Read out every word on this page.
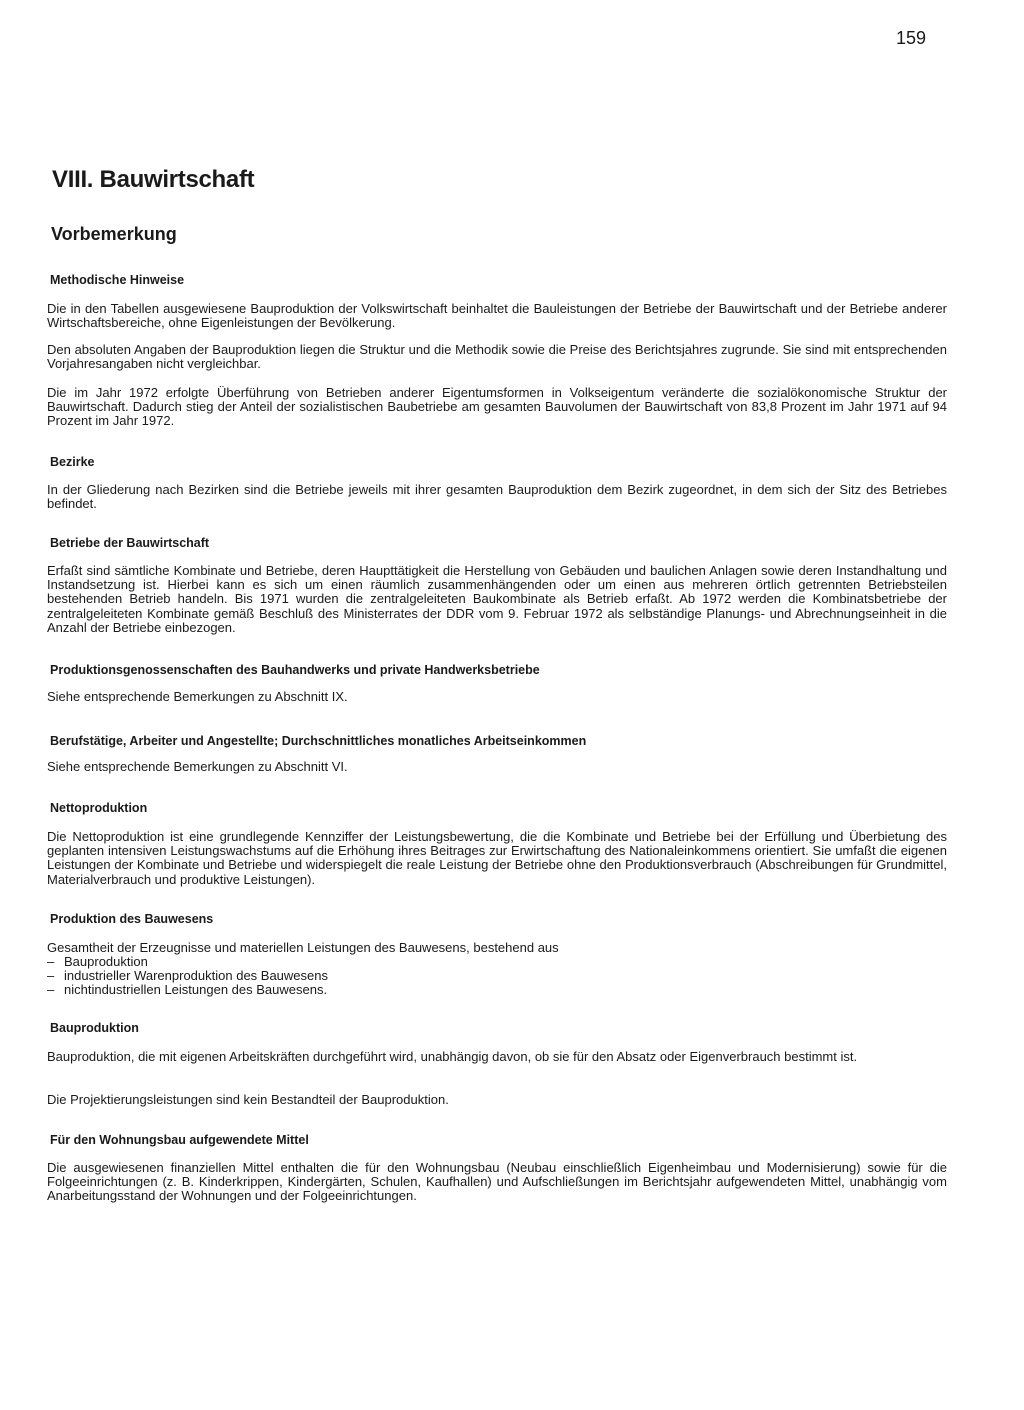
159
VIII. Bauwirtschaft
Vorbemerkung
Methodische Hinweise

Die in den Tabellen ausgewiesene Bauproduktion der Volkswirtschaft beinhaltet die Bauleistungen der Betriebe der Bauwirtschaft und der Betriebe anderer Wirtschaftsbereiche, ohne Eigenleistungen der Bevölkerung.

Den absoluten Angaben der Bauproduktion liegen die Struktur und die Methodik sowie die Preise des Berichtsjahres zugrunde. Sie sind mit entsprechenden Vorjahresangaben nicht vergleichbar.

Die im Jahr 1972 erfolgte Überführung von Betrieben anderer Eigentumsformen in Volkseigentum veränderte die sozialökonomische Struktur der Bauwirtschaft. Dadurch stieg der Anteil der sozialistischen Baubetriebe am gesamten Bauvolumen der Bauwirtschaft von 83,8 Prozent im Jahr 1971 auf 94 Prozent im Jahr 1972.

Bezirke

In der Gliederung nach Bezirken sind die Betriebe jeweils mit ihrer gesamten Bauproduktion dem Bezirk zugeordnet, in dem sich der Sitz des Betriebes befindet.

Betriebe der Bauwirtschaft

Erfaßt sind sämtliche Kombinate und Betriebe, deren Haupttätigkeit die Herstellung von Gebäuden und baulichen Anlagen sowie deren Instandhaltung und Instandsetzung ist. Hierbei kann es sich um einen räumlich zusammenhängenden oder um einen aus mehreren örtlich getrennten Betriebsteilen bestehenden Betrieb handeln. Bis 1971 wurden die zentralgeleiteten Baukombinate als Betrieb erfaßt. Ab 1972 werden die Kombinatsbetriebe der zentralgeleiteten Kombinate gemäß Beschluß des Ministerrates der DDR vom 9. Februar 1972 als selbständige Planungs- und Abrechnungseinheit in die Anzahl der Betriebe einbezogen.

Produktionsgenossenschaften des Bauhandwerks und private Handwerksbetriebe

Siehe entsprechende Bemerkungen zu Abschnitt IX.

Berufstätige, Arbeiter und Angestellte; Durchschnittliches monatliches Arbeitseinkommen

Siehe entsprechende Bemerkungen zu Abschnitt VI.

Nettoproduktion

Die Nettoproduktion ist eine grundlegende Kennziffer der Leistungsbewertung, die die Kombinate und Betriebe bei der Erfüllung und Überbietung des geplanten intensiven Leistungswachstums auf die Erhöhung ihres Beitrages zur Erwirtschaftung des Nationaleinkommens orientiert. Sie umfaßt die eigenen Leistungen der Kombinate und Betriebe und widerspiegelt die reale Leistung der Betriebe ohne den Produktionsverbrauch (Abschreibungen für Grundmittel, Materialverbrauch und produktive Leistungen).

Produktion des Bauwesens

Gesamtheit der Erzeugnisse und materiellen Leistungen des Bauwesens, bestehend aus

– Bauproduktion
– industrieller Warenproduktion des Bauwesens
– nichtindustriellen Leistungen des Bauwesens.
Bauproduktion

Bauproduktion, die mit eigenen Arbeitskräften durchgeführt wird, unabhängig davon, ob sie für den Absatz oder Eigenverbrauch bestimmt ist.

Die Projektierungsleistungen sind kein Bestandteil der Bauproduktion.

Für den Wohnungsbau aufgewendete Mittel

Die ausgewiesenen finanziellen Mittel enthalten die für den Wohnungsbau (Neubau einschließlich Eigenheimbau und Modernisierung) sowie für die Folgeeinrichtungen (z. B. Kinderkrippen, Kindergärten, Schulen, Kaufhallen) und Aufschließungen im Berichtsjahr aufgewendeten Mittel, unabhängig vom Anarbeitungsstand der Wohnungen und der Folgeeinrichtungen.
